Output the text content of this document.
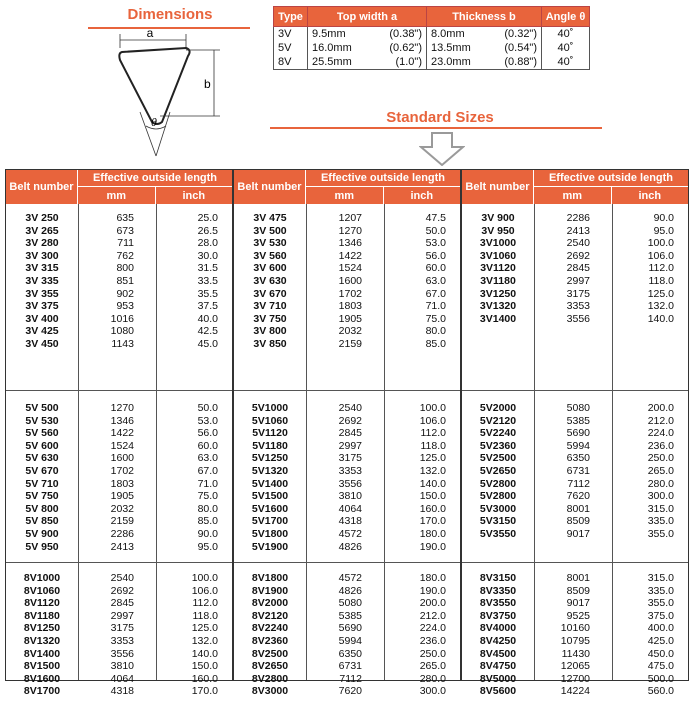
Dimensions
a
b
θ
Type	Top width a	Thickness b	Angle θ
3V	9.5mm (0.38")	8.0mm (0.32")	40˚
5V	16.0mm (0.62")	13.5mm (0.54")	40˚
8V	25.5mm (1.0")	23.0mm (0.88")	40˚
Standard Sizes
Belt number
Effective outside length
mm	inch
3V 250	635	25.0
3V 265	673	26.5
3V 280	711	28.0
3V 300	762	30.0
3V 315	800	31.5
3V 335	851	33.5
3V 355	902	35.5
3V 375	953	37.5
3V 400	1016	40.0
3V 425	1080	42.5
3V 450	1143	45.0
5V 500	1270	50.0
5V 530	1346	53.0
5V 560	1422	56.0
5V 600	1524	60.0
5V 630	1600	63.0
5V 670	1702	67.0
5V 710	1803	71.0
5V 750	1905	75.0
5V 800	2032	80.0
5V 850	2159	85.0
5V 900	2286	90.0
5V 950	2413	95.0
8V1000	2540	100.0
8V1060	2692	106.0
8V1120	2845	112.0
8V1180	2997	118.0
8V1250	3175	125.0
8V1320	3353	132.0
8V1400	3556	140.0
8V1500	3810	150.0
8V1600	4064	160.0
8V1700	4318	170.0
Belt number
Effective outside length
mm	inch
3V 475	1207	47.5
3V 500	1270	50.0
3V 530	1346	53.0
3V 560	1422	56.0
3V 600	1524	60.0
3V 630	1600	63.0
3V 670	1702	67.0
3V 710	1803	71.0
3V 750	1905	75.0
3V 800	2032	80.0
3V 850	2159	85.0
5V1000	2540	100.0
5V1060	2692	106.0
5V1120	2845	112.0
5V1180	2997	118.0
5V1250	3175	125.0
5V1320	3353	132.0
5V1400	3556	140.0
5V1500	3810	150.0
5V1600	4064	160.0
5V1700	4318	170.0
5V1800	4572	180.0
5V1900	4826	190.0
8V1800	4572	180.0
8V1900	4826	190.0
8V2000	5080	200.0
8V2120	5385	212.0
8V2240	5690	224.0
8V2360	5994	236.0
8V2500	6350	250.0
8V2650	6731	265.0
8V2800	7112	280.0
8V3000	7620	300.0
Belt number
Effective outside length
mm	inch
3V 900	2286	90.0
3V 950	2413	95.0
3V1000	2540	100.0
3V1060	2692	106.0
3V1120	2845	112.0
3V1180	2997	118.0
3V1250	3175	125.0
3V1320	3353	132.0
3V1400	3556	140.0
5V2000	5080	200.0
5V2120	5385	212.0
5V2240	5690	224.0
5V2360	5994	236.0
5V2500	6350	250.0
5V2650	6731	265.0
5V2800	7112	280.0
5V2800	7620	300.0
5V3000	8001	315.0
5V3150	8509	335.0
5V3550	9017	355.0
8V3150	8001	315.0
8V3350	8509	335.0
8V3550	9017	355.0
8V3750	9525	375.0
8V4000	10160	400.0
8V4250	10795	425.0
8V4500	11430	450.0
8V4750	12065	475.0
8V5000	12700	500.0
8V5600	14224	560.0
